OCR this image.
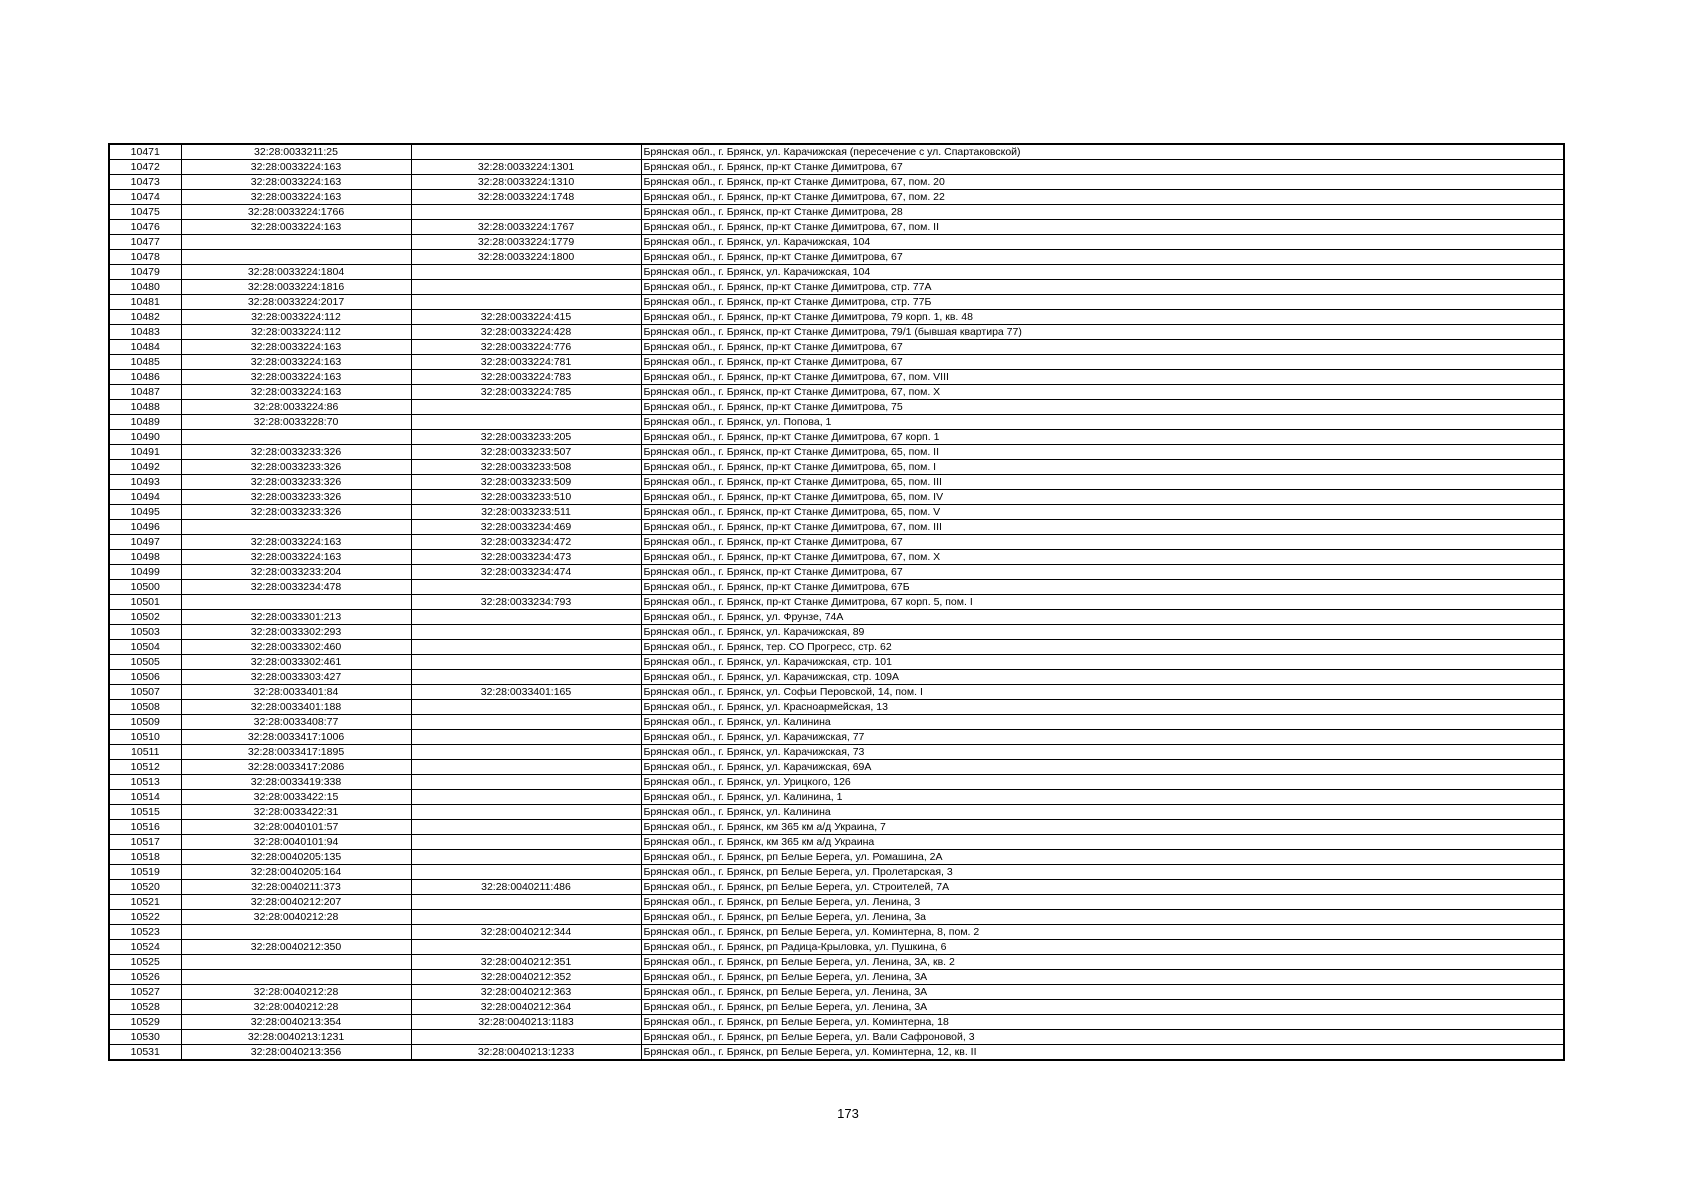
10471	32:28:0033211:25		Брянская обл., г. Брянск, ул. Карачижская (пересечение с ул. Спартаковской)
10472	32:28:0033224:163	32:28:0033224:1301	Брянская обл., г. Брянск, пр-кт Станке Димитрова, 67
10473	32:28:0033224:163	32:28:0033224:1310	Брянская обл., г. Брянск, пр-кт Станке Димитрова, 67, пом. 20
10474	32:28:0033224:163	32:28:0033224:1748	Брянская обл., г. Брянск, пр-кт Станке Димитрова, 67, пом. 22
10475	32:28:0033224:1766		Брянская обл., г. Брянск, пр-кт Станке Димитрова, 28
10476	32:28:0033224:163	32:28:0033224:1767	Брянская обл., г. Брянск, пр-кт Станке Димитрова, 67, пом. II
10477		32:28:0033224:1779	Брянская обл., г. Брянск, ул. Карачижская, 104
10478		32:28:0033224:1800	Брянская обл., г. Брянск, пр-кт Станке Димитрова, 67
10479	32:28:0033224:1804		Брянская обл., г. Брянск, ул. Карачижская, 104
10480	32:28:0033224:1816		Брянская обл., г. Брянск, пр-кт Станке Димитрова, стр. 77А
10481	32:28:0033224:2017		Брянская обл., г. Брянск, пр-кт Станке Димитрова, стр. 77Б
10482	32:28:0033224:112	32:28:0033224:415	Брянская обл., г. Брянск, пр-кт Станке Димитрова, 79 корп. 1, кв. 48
10483	32:28:0033224:112	32:28:0033224:428	Брянская обл., г. Брянск, пр-кт Станке Димитрова, 79/1 (бывшая квартира 77)
10484	32:28:0033224:163	32:28:0033224:776	Брянская обл., г. Брянск, пр-кт Станке Димитрова, 67
10485	32:28:0033224:163	32:28:0033224:781	Брянская обл., г. Брянск, пр-кт Станке Димитрова, 67
10486	32:28:0033224:163	32:28:0033224:783	Брянская обл., г. Брянск, пр-кт Станке Димитрова, 67, пом. VIII
10487	32:28:0033224:163	32:28:0033224:785	Брянская обл., г. Брянск, пр-кт Станке Димитрова, 67, пом. X
10488	32:28:0033224:86		Брянская обл., г. Брянск, пр-кт Станке Димитрова, 75
10489	32:28:0033228:70		Брянская обл., г. Брянск, ул. Попова, 1
10490		32:28:0033233:205	Брянская обл., г. Брянск, пр-кт Станке Димитрова, 67 корп. 1
10491	32:28:0033233:326	32:28:0033233:507	Брянская обл., г. Брянск, пр-кт Станке Димитрова, 65, пом. II
10492	32:28:0033233:326	32:28:0033233:508	Брянская обл., г. Брянск, пр-кт Станке Димитрова, 65, пом. I
10493	32:28:0033233:326	32:28:0033233:509	Брянская обл., г. Брянск, пр-кт Станке Димитрова, 65, пом. III
10494	32:28:0033233:326	32:28:0033233:510	Брянская обл., г. Брянск, пр-кт Станке Димитрова, 65, пом. IV
10495	32:28:0033233:326	32:28:0033233:511	Брянская обл., г. Брянск, пр-кт Станке Димитрова, 65, пом. V
10496		32:28:0033234:469	Брянская обл., г. Брянск, пр-кт Станке Димитрова, 67, пом. III
10497	32:28:0033224:163	32:28:0033234:472	Брянская обл., г. Брянск, пр-кт Станке Димитрова, 67
10498	32:28:0033224:163	32:28:0033234:473	Брянская обл., г. Брянск, пр-кт Станке Димитрова, 67, пом. X
10499	32:28:0033233:204	32:28:0033234:474	Брянская обл., г. Брянск, пр-кт Станке Димитрова, 67
10500	32:28:0033234:478		Брянская обл., г. Брянск, пр-кт Станке Димитрова, 67Б
10501		32:28:0033234:793	Брянская обл., г. Брянск, пр-кт Станке Димитрова, 67 корп. 5, пом. I
10502	32:28:0033301:213		Брянская обл., г. Брянск, ул. Фрунзе, 74А
10503	32:28:0033302:293		Брянская обл., г. Брянск, ул. Карачижская, 89
10504	32:28:0033302:460		Брянская обл., г. Брянск, тер. СО Прогресс, стр. 62
10505	32:28:0033302:461		Брянская обл., г. Брянск, ул. Карачижская, стр. 101
10506	32:28:0033303:427		Брянская обл., г. Брянск, ул. Карачижская, стр. 109А
10507	32:28:0033401:84	32:28:0033401:165	Брянская обл., г. Брянск, ул. Софьи Перовской, 14, пом. I
10508	32:28:0033401:188		Брянская обл., г. Брянск, ул. Красноармейская, 13
10509	32:28:0033408:77		Брянская обл., г. Брянск, ул. Калинина
10510	32:28:0033417:1006		Брянская обл., г. Брянск, ул. Карачижская, 77
10511	32:28:0033417:1895		Брянская обл., г. Брянск, ул. Карачижская, 73
10512	32:28:0033417:2086		Брянская обл., г. Брянск, ул. Карачижская, 69А
10513	32:28:0033419:338		Брянская обл., г. Брянск, ул. Урицкого, 126
10514	32:28:0033422:15		Брянская обл., г. Брянск, ул. Калинина, 1
10515	32:28:0033422:31		Брянская обл., г. Брянск, ул. Калинина
10516	32:28:0040101:57		Брянская обл., г. Брянск, км 365 км а/д Украина, 7
10517	32:28:0040101:94		Брянская обл., г. Брянск, км 365 км а/д Украина
10518	32:28:0040205:135		Брянская обл., г. Брянск, рп Белые Берега, ул. Ромашина, 2А
10519	32:28:0040205:164		Брянская обл., г. Брянск, рп Белые Берега, ул. Пролетарская, 3
10520	32:28:0040211:373	32:28:0040211:486	Брянская обл., г. Брянск, рп Белые Берега, ул. Строителей, 7А
10521	32:28:0040212:207		Брянская обл., г. Брянск, рп Белые Берега, ул. Ленина, 3
10522	32:28:0040212:28		Брянская обл., г. Брянск, рп Белые Берега, ул. Ленина, 3а
10523		32:28:0040212:344	Брянская обл., г. Брянск, рп Белые Берега, ул. Коминтерна, 8, пом. 2
10524	32:28:0040212:350		Брянская обл., г. Брянск, рп Радица-Крыловка, ул. Пушкина, 6
10525		32:28:0040212:351	Брянская обл., г. Брянск, рп Белые Берега, ул. Ленина, 3А, кв. 2
10526		32:28:0040212:352	Брянская обл., г. Брянск, рп Белые Берега, ул. Ленина, 3А
10527	32:28:0040212:28	32:28:0040212:363	Брянская обл., г. Брянск, рп Белые Берега, ул. Ленина, 3А
10528	32:28:0040212:28	32:28:0040212:364	Брянская обл., г. Брянск, рп Белые Берега, ул. Ленина, 3А
10529	32:28:0040213:354	32:28:0040213:1183	Брянская обл., г. Брянск, рп Белые Берега, ул. Коминтерна, 18
10530	32:28:0040213:1231		Брянская обл., г. Брянск, рп Белые Берега, ул. Вали Сафроновой, 3
10531	32:28:0040213:356	32:28:0040213:1233	Брянская обл., г. Брянск, рп Белые Берега, ул. Коминтерна, 12, кв. II
173
